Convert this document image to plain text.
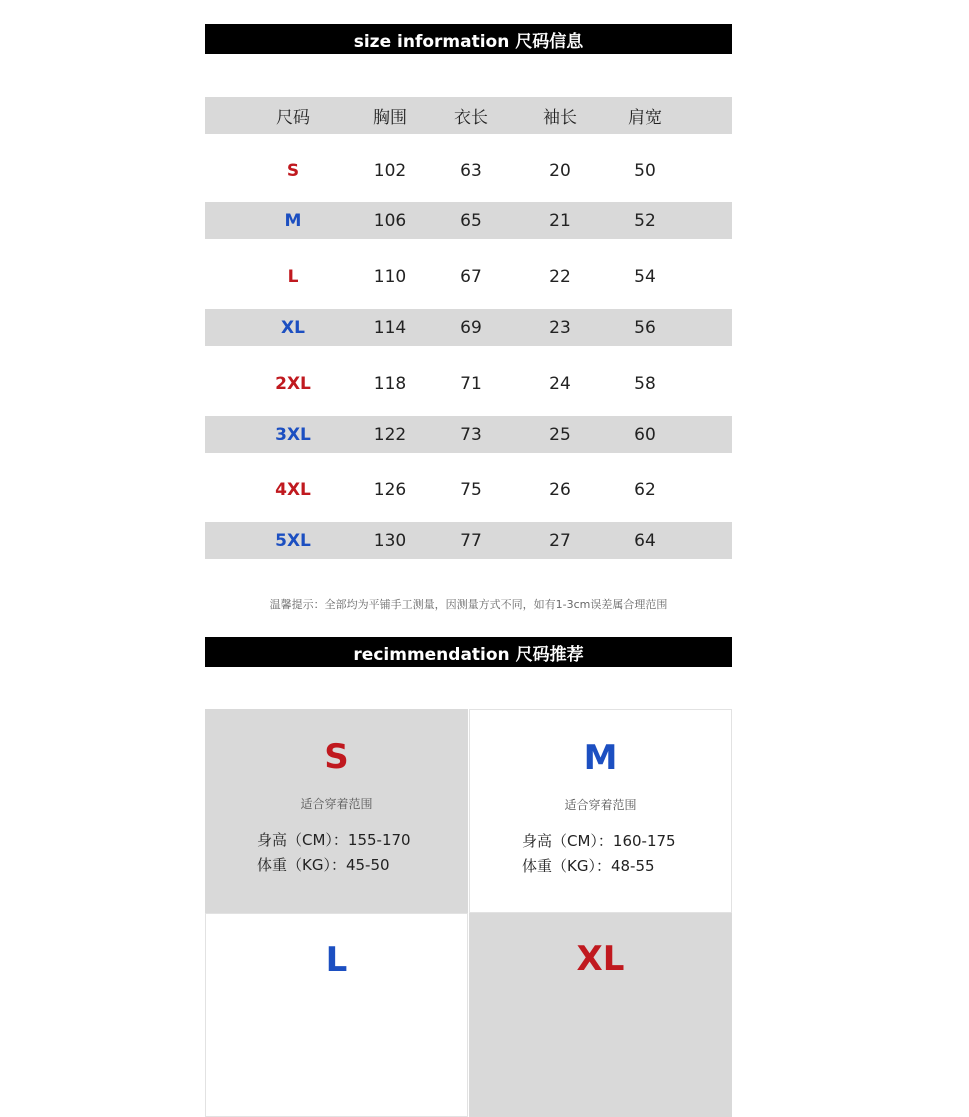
size information 尺码信息
尺码	胸围	衣长	袖长	肩宽
S	102	63	20	50
M	106	65	21	52
L	110	67	22	54
XL	114	69	23	56
2XL	118	71	24	58
3XL	122	73	25	60
4XL	126	75	26	62
5XL	130	77	27	64
温馨提示：全部均为平铺手工测量，因测量方式不同，如有1-3cm误差属合理范围
recimmendation 尺码推荐
S
适合穿着范围
身高（CM）：155-170
体重（KG）：45-50
M
适合穿着范围
身高（CM）：160-175
体重（KG）：48-55
L	XL
